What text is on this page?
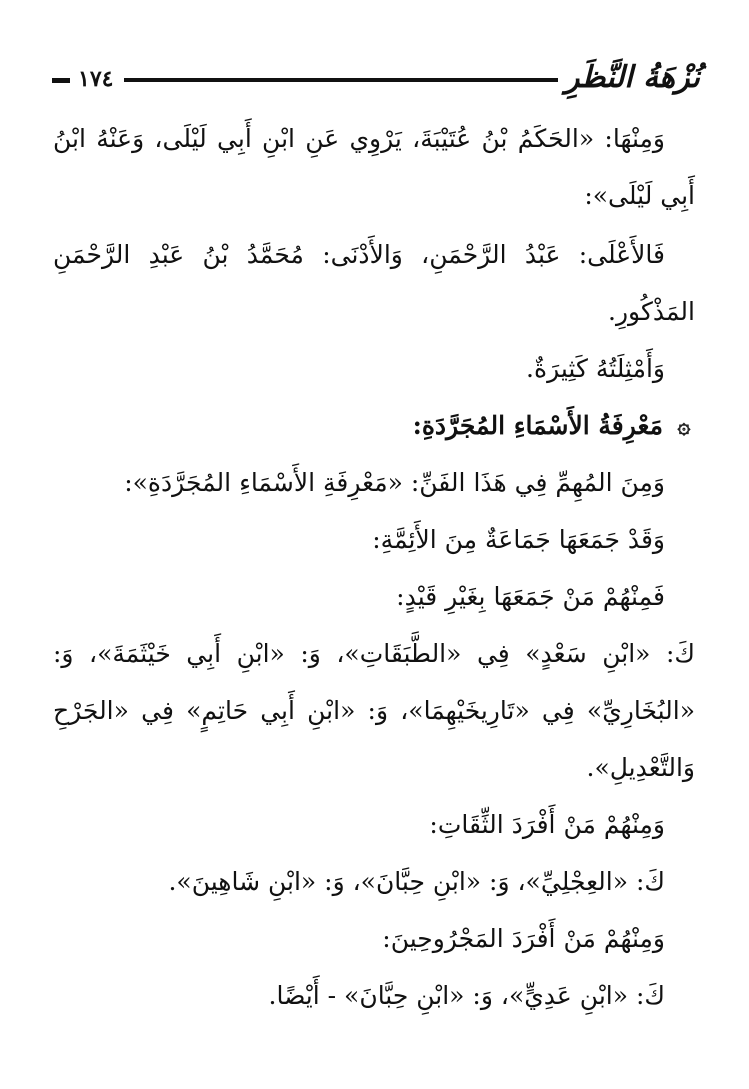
نُزْهَةُ النَّظَرِ
١٧٤

وَمِنْهَا: «الحَكَمُ بْنُ عُتَيْبَةَ، يَرْوِي عَنِ ابْنِ أَبِي لَيْلَى، وَعَنْهُ ابْنُ أَبِي لَيْلَى»:

فَالأَعْلَى: عَبْدُ الرَّحْمَنِ، وَالأَدْنَى: مُحَمَّدُ بْنُ عَبْدِ الرَّحْمَنِ المَذْكُورِ.

وَأَمْثِلَتُهُ كَثِيرَةٌ.

۞
مَعْرِفَةُ الأَسْمَاءِ المُجَرَّدَةِ:

وَمِنَ المُهِمِّ فِي هَذَا الفَنِّ: «مَعْرِفَةِ الأَسْمَاءِ المُجَرَّدَةِ»:

وَقَدْ جَمَعَهَا جَمَاعَةٌ مِنَ الأَئِمَّةِ:

فَمِنْهُمْ مَنْ جَمَعَهَا بِغَيْرِ قَيْدٍ:

كَ: «ابْنِ سَعْدٍ» فِي «الطَّبَقَاتِ»، وَ: «ابْنِ أَبِي خَيْثَمَةَ»، وَ: «البُخَارِيِّ» فِي «تَارِيخَيْهِمَا»، وَ: «ابْنِ أَبِي حَاتِمٍ» فِي «الجَرْحِ وَالتَّعْدِيلِ».

وَمِنْهُمْ مَنْ أَفْرَدَ الثِّقَاتِ:

كَ: «العِجْلِيِّ»، وَ: «ابْنِ حِبَّانَ»، وَ: «ابْنِ شَاهِينَ».

وَمِنْهُمْ مَنْ أَفْرَدَ المَجْرُوحِينَ:

كَ: «ابْنِ عَدِيٍّ»، وَ: «ابْنِ حِبَّانَ» - أَيْضًا.
